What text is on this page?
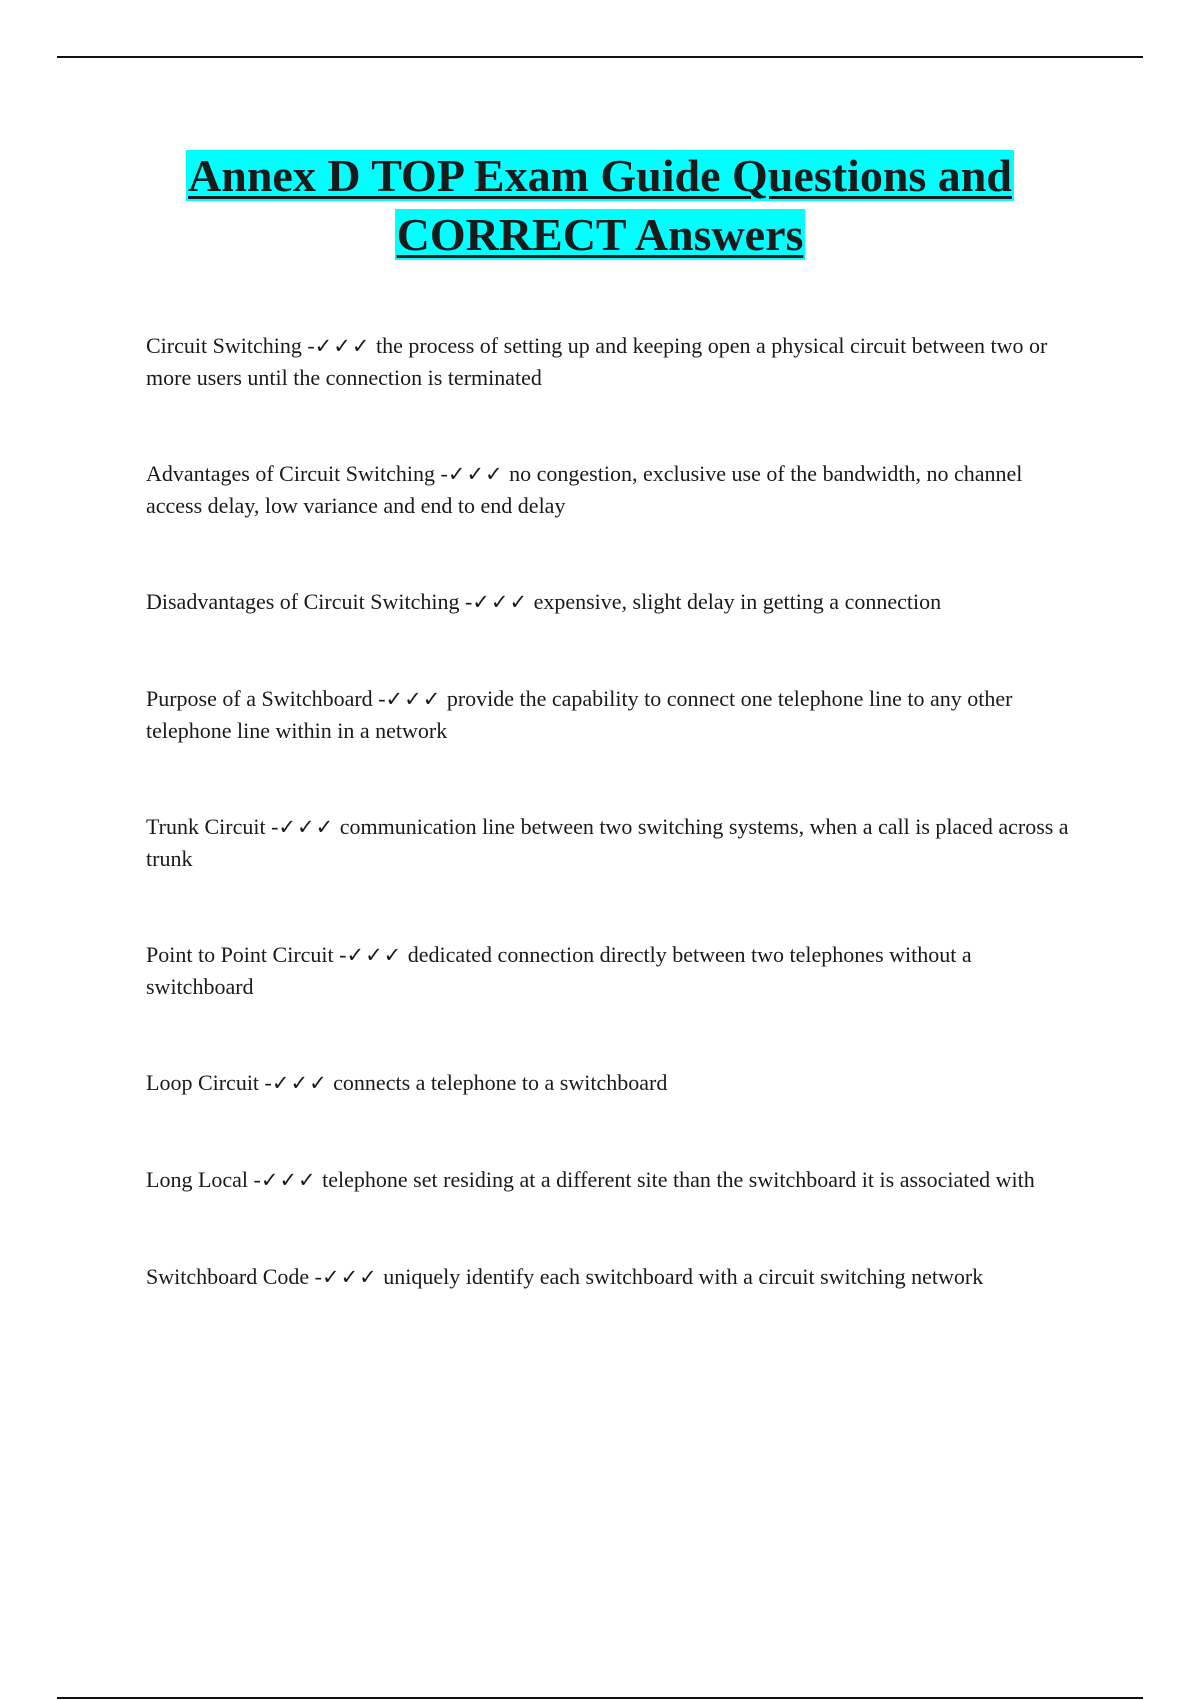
Annex D TOP Exam Guide Questions and
CORRECT Answers

Circuit Switching -✓✓✓ the process of setting up and keeping open a physical circuit between two or more users until the connection is terminated

Advantages of Circuit Switching -✓✓✓ no congestion, exclusive use of the bandwidth, no channel access delay, low variance and end to end delay

Disadvantages of Circuit Switching -✓✓✓ expensive, slight delay in getting a connection

Purpose of a Switchboard -✓✓✓ provide the capability to connect one telephone line to any other telephone line within in a network

Trunk Circuit -✓✓✓ communication line between two switching systems, when a call is placed across a trunk

Point to Point Circuit -✓✓✓ dedicated connection directly between two telephones without a switchboard

Loop Circuit -✓✓✓ connects a telephone to a switchboard

Long Local -✓✓✓ telephone set residing at a different site than the switchboard it is associated with

Switchboard Code -✓✓✓ uniquely identify each switchboard with a circuit switching network
